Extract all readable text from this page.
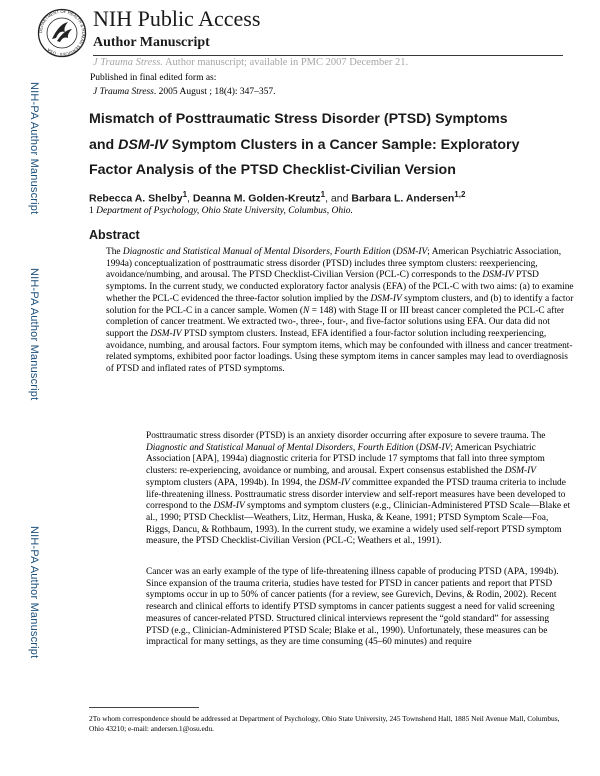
DEPARTMENT OF HEALTH & HUMAN SERVICES · USA
NIH Public Access
Author Manuscript
J Trauma Stress. Author manuscript; available in PMC 2007 December 21.
NIH-PA Author Manuscript
NIH-PA Author Manuscript
NIH-PA Author Manuscript
Published in final edited form as:
J Trauma Stress. 2005 August ; 18(4): 347–357.
Mismatch of Posttraumatic Stress Disorder (PTSD) Symptoms
and DSM-IV Symptom Clusters in a Cancer Sample: Exploratory
Factor Analysis of the PTSD Checklist-Civilian Version
Rebecca A. Shelby$^1$, Deanna M. Golden-Kreutz$^1$, and Barbara L. Andersen$^{1,2}$
1 Department of Psychology, Ohio State University, Columbus, Ohio.
Abstract
The Diagnostic and Statistical Manual of Mental Disorders, Fourth Edition (DSM-IV; American Psychiatric Association, 1994a) conceptualization of posttraumatic stress disorder (PTSD) includes three symptom clusters: reexperiencing, avoidance/numbing, and arousal. The PTSD Checklist-Civilian Version (PCL-C) corresponds to the DSM-IV PTSD symptoms. In the current study, we conducted exploratory factor analysis (EFA) of the PCL-C with two aims: (a) to examine whether the PCL-C evidenced the three-factor solution implied by the DSM-IV symptom clusters, and (b) to identify a factor solution for the PCL-C in a cancer sample. Women (N = 148) with Stage II or III breast cancer completed the PCL-C after completion of cancer treatment. We extracted two-, three-, four-, and five-factor solutions using EFA. Our data did not support the DSM-IV PTSD symptom clusters. Instead, EFA identified a four-factor solution including reexperiencing, avoidance, numbing, and arousal factors. Four symptom items, which may be confounded with illness and cancer treatment-related symptoms, exhibited poor factor loadings. Using these symptom items in cancer samples may lead to overdiagnosis of PTSD and inflated rates of PTSD symptoms.
Posttraumatic stress disorder (PTSD) is an anxiety disorder occurring after exposure to severe trauma. The Diagnostic and Statistical Manual of Mental Disorders, Fourth Edition (DSM-IV; American Psychiatric Association [APA], 1994a) diagnostic criteria for PTSD include 17 symptoms that fall into three symptom clusters: re-experiencing, avoidance or numbing, and arousal. Expert consensus established the DSM-IV symptom clusters (APA, 1994b). In 1994, the DSM-IV committee expanded the PTSD trauma criteria to include life-threatening illness. Posttraumatic stress disorder interview and self-report measures have been developed to correspond to the DSM-IV symptoms and symptom clusters (e.g., Clinician-Administered PTSD Scale—Blake et al., 1990; PTSD Checklist—Weathers, Litz, Herman, Huska, & Keane, 1991; PTSD Symptom Scale—Foa, Riggs, Dancu, & Rothbaum, 1993). In the current study, we examine a widely used self-report PTSD symptom measure, the PTSD Checklist-Civilian Version (PCL-C; Weathers et al., 1991).
Cancer was an early example of the type of life-threatening illness capable of producing PTSD (APA, 1994b). Since expansion of the trauma criteria, studies have tested for PTSD in cancer patients and report that PTSD symptoms occur in up to 50% of cancer patients (for a review, see Gurevich, Devins, & Rodin, 2002). Recent research and clinical efforts to identify PTSD symptoms in cancer patients suggest a need for valid screening measures of cancer-related PTSD. Structured clinical interviews represent the “gold standard” for assessing PTSD (e.g., Clinician-Administered PTSD Scale; Blake et al., 1990). Unfortunately, these measures can be impractical for many settings, as they are time consuming (45–60 minutes) and require
2To whom correspondence should be addressed at Department of Psychology, Ohio State University, 245 Townshend Hall, 1885 Neil Avenue Mall, Columbus, Ohio 43210; e-mail: andersen.1@osu.edu.
